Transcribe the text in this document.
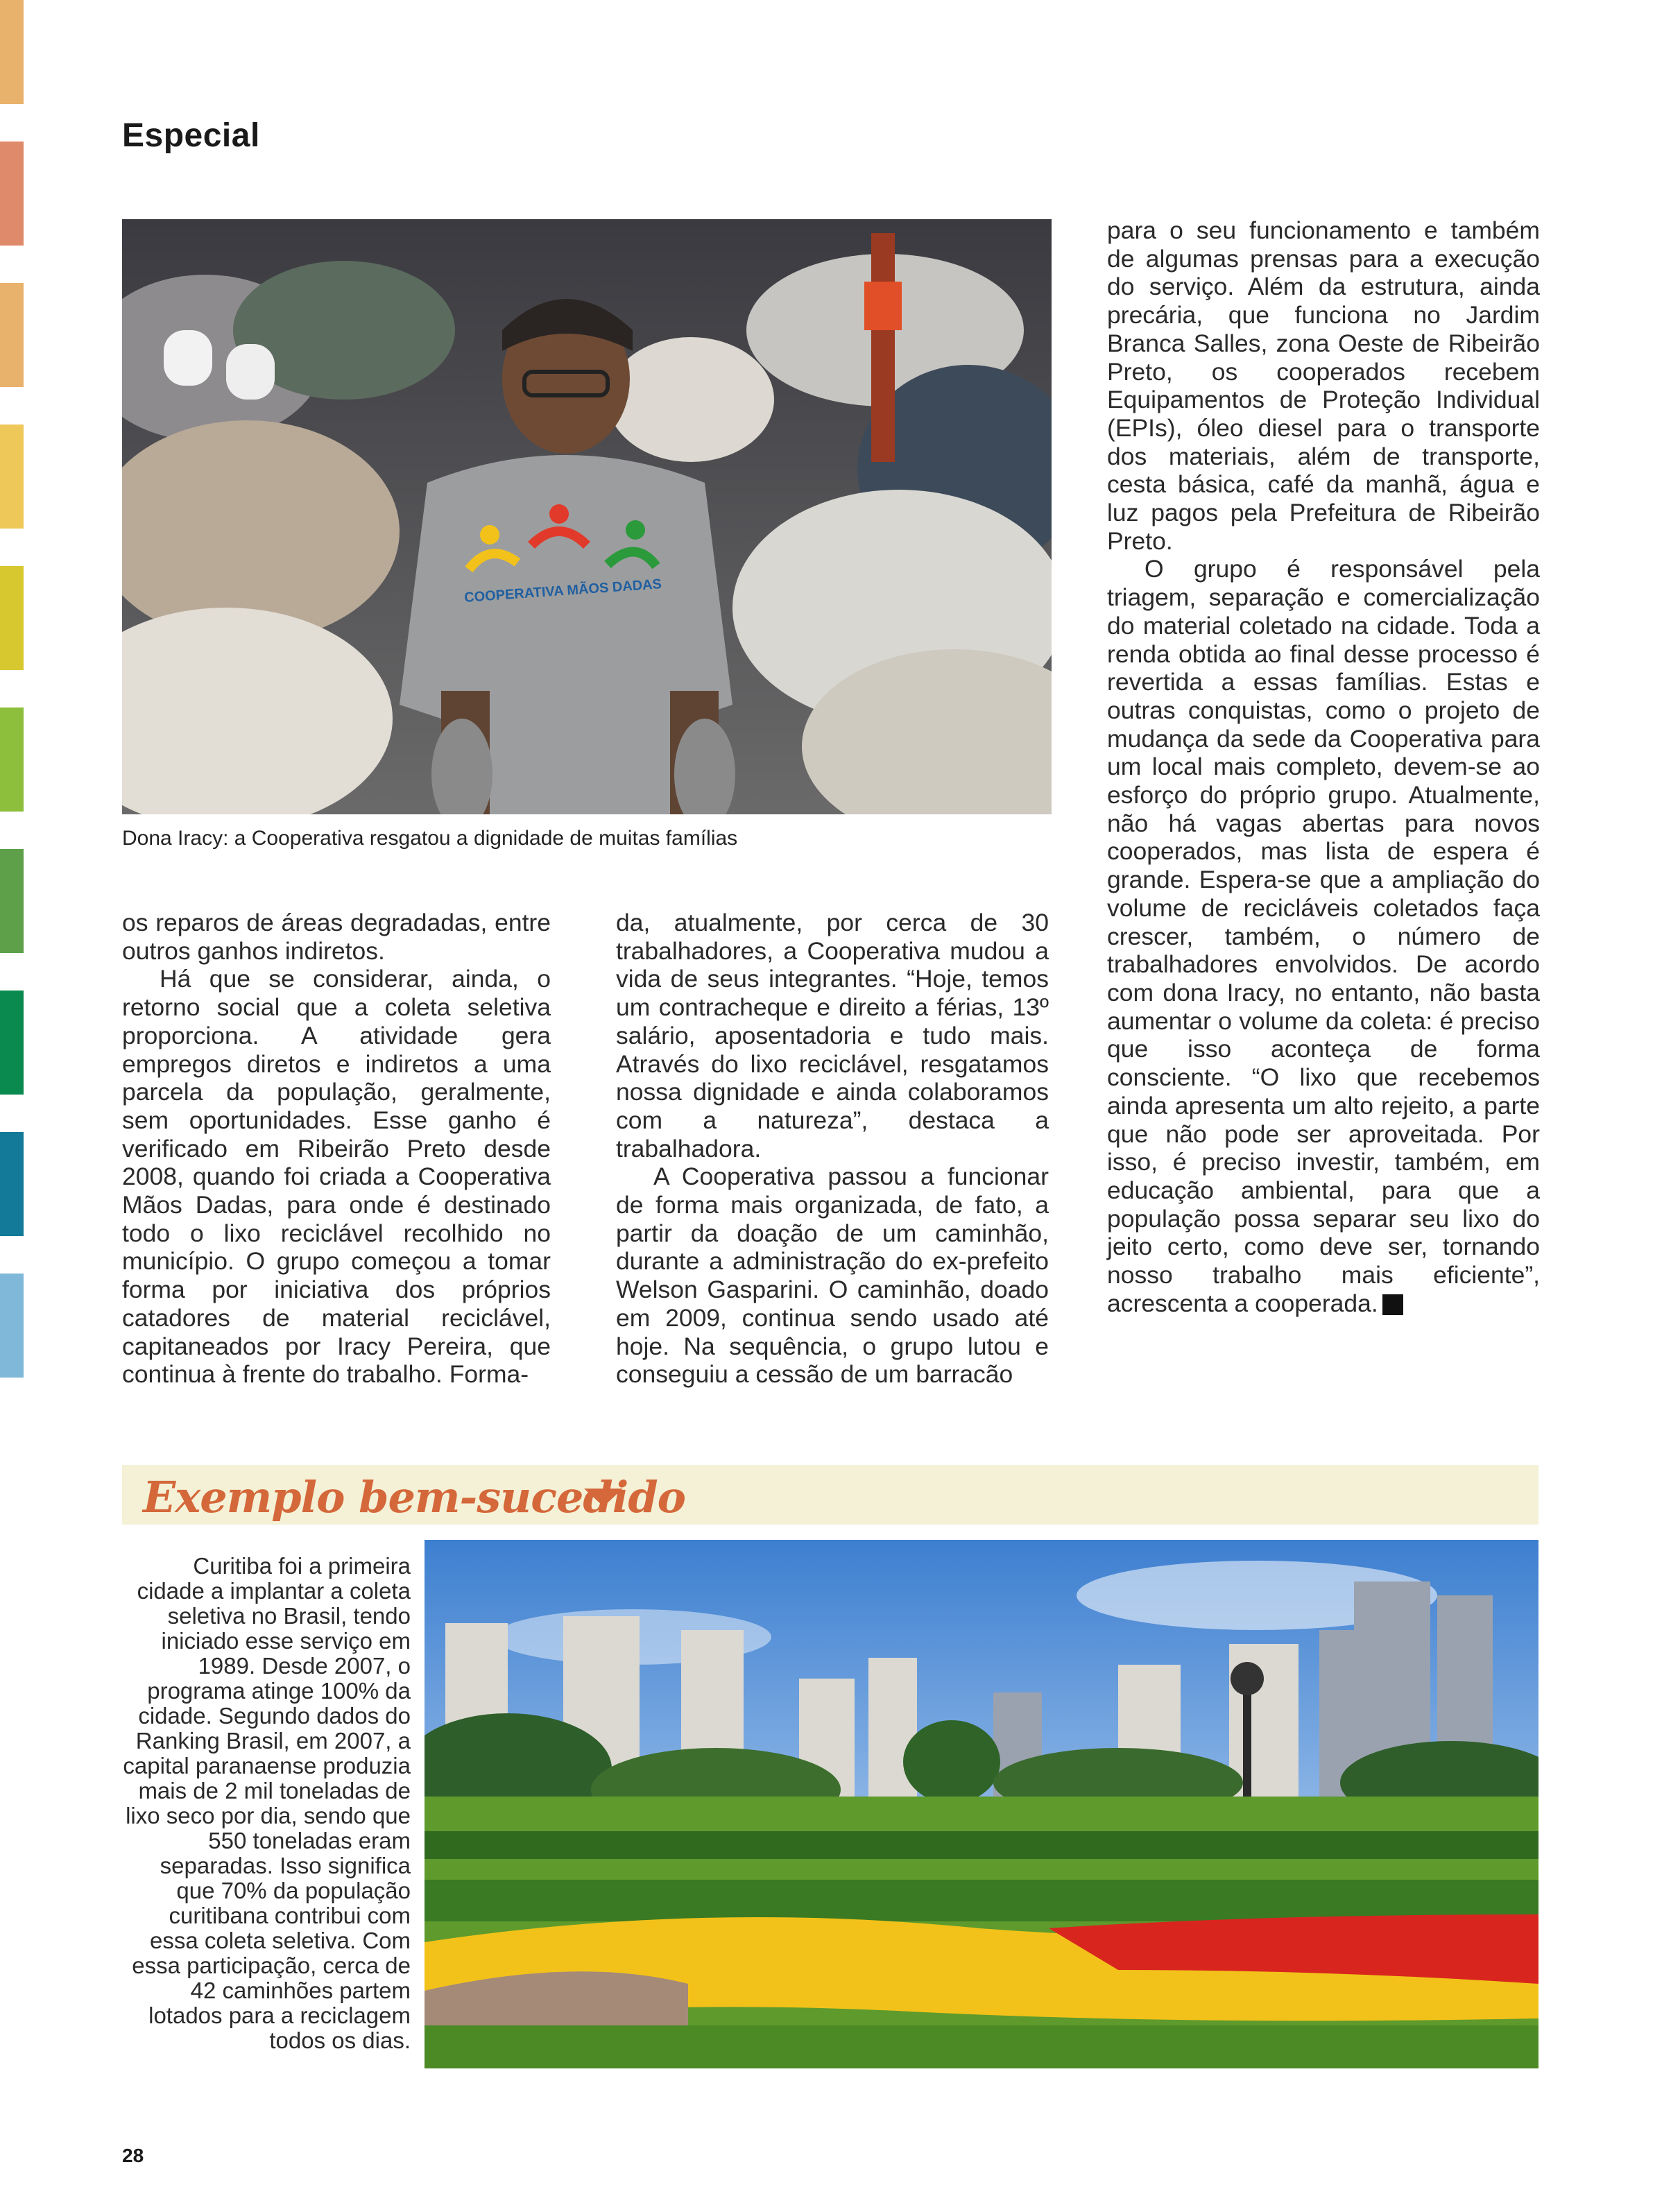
Especial
COOPERATIVA MÃOS DADAS
Dona Iracy: a Cooperativa resgatou a dignidade de muitas famílias

os reparos de áreas degradadas, entre outros ganhos indiretos.

Há que se considerar, ainda, o retorno social que a coleta seletiva proporciona. A atividade gera empregos diretos e indiretos a uma parcela da população, geralmente, sem oportunidades. Esse ganho é verificado em Ribeirão Preto desde 2008, quando foi criada a Cooperativa Mãos Dadas, para onde é destinado todo o lixo reciclável recolhido no município. O grupo começou a tomar forma por iniciativa dos próprios catadores de material reciclável, capitaneados por Iracy Pereira, que continua à frente do trabalho. Forma-

da, atualmente, por cerca de 30 trabalhadores, a Cooperativa mudou a vida de seus integrantes. “Hoje, temos um contracheque e direito a férias, 13º salário, aposentadoria e tudo mais. Através do lixo reciclável, resgatamos nossa dignidade e ainda colaboramos com a natureza”, destaca a trabalhadora.

A Cooperativa passou a funcionar de forma mais organizada, de fato, a partir da doação de um caminhão, durante a administração do ex-prefeito Welson Gasparini. O caminhão, doado em 2009, continua sendo usado até hoje. Na sequência, o grupo lutou e conseguiu a cessão de um barracão

para o seu funcionamento e também de algumas prensas para a execução do serviço. Além da estrutura, ainda precária, que funciona no Jardim Branca Salles, zona Oeste de Ribeirão Preto, os cooperados recebem Equipamentos de Proteção Individual (EPIs), óleo diesel para o transporte dos materiais, além de transporte, cesta básica, café da manhã, água e luz pagos pela Prefeitura de Ribeirão Preto.

O grupo é responsável pela triagem, separação e comercialização do material coletado na cidade. Toda a renda obtida ao final desse processo é revertida a essas famílias. Estas e outras conquistas, como o projeto de mudança da sede da Cooperativa para um local mais completo, devem-se ao esforço do próprio grupo. Atualmente, não há vagas abertas para novos cooperados, mas lista de espera é grande. Espera-se que a ampliação do volume de recicláveis coletados faça crescer, também, o número de trabalhadores envolvidos. De acordo com dona Iracy, no entanto, não basta aumentar o volume da coleta: é preciso que isso aconteça de forma consciente. “O lixo que recebemos ainda apresenta um alto rejeito, a parte que não pode ser aproveitada. Por isso, é preciso investir, também, em educação ambiental, para que a população possa separar seu lixo do jeito certo, como deve ser, tornando nosso trabalho mais eficiente”, acrescenta a cooperada.	r

Exemplo bem-sucedido
Curitiba foi a primeira cidade a implantar a coleta seletiva no Brasil, tendo iniciado esse serviço em 1989. Desde 2007, o programa atinge 100% da cidade. Segundo dados do Ranking Brasil, em 2007, a capital paranaense produzia mais de 2 mil toneladas de lixo seco por dia, sendo que 550 toneladas eram separadas. Isso significa que 70% da população curitibana contribui com essa coleta seletiva. Com essa participação, cerca de 42 caminhões partem lotados para a reciclagem todos os dias.
28
